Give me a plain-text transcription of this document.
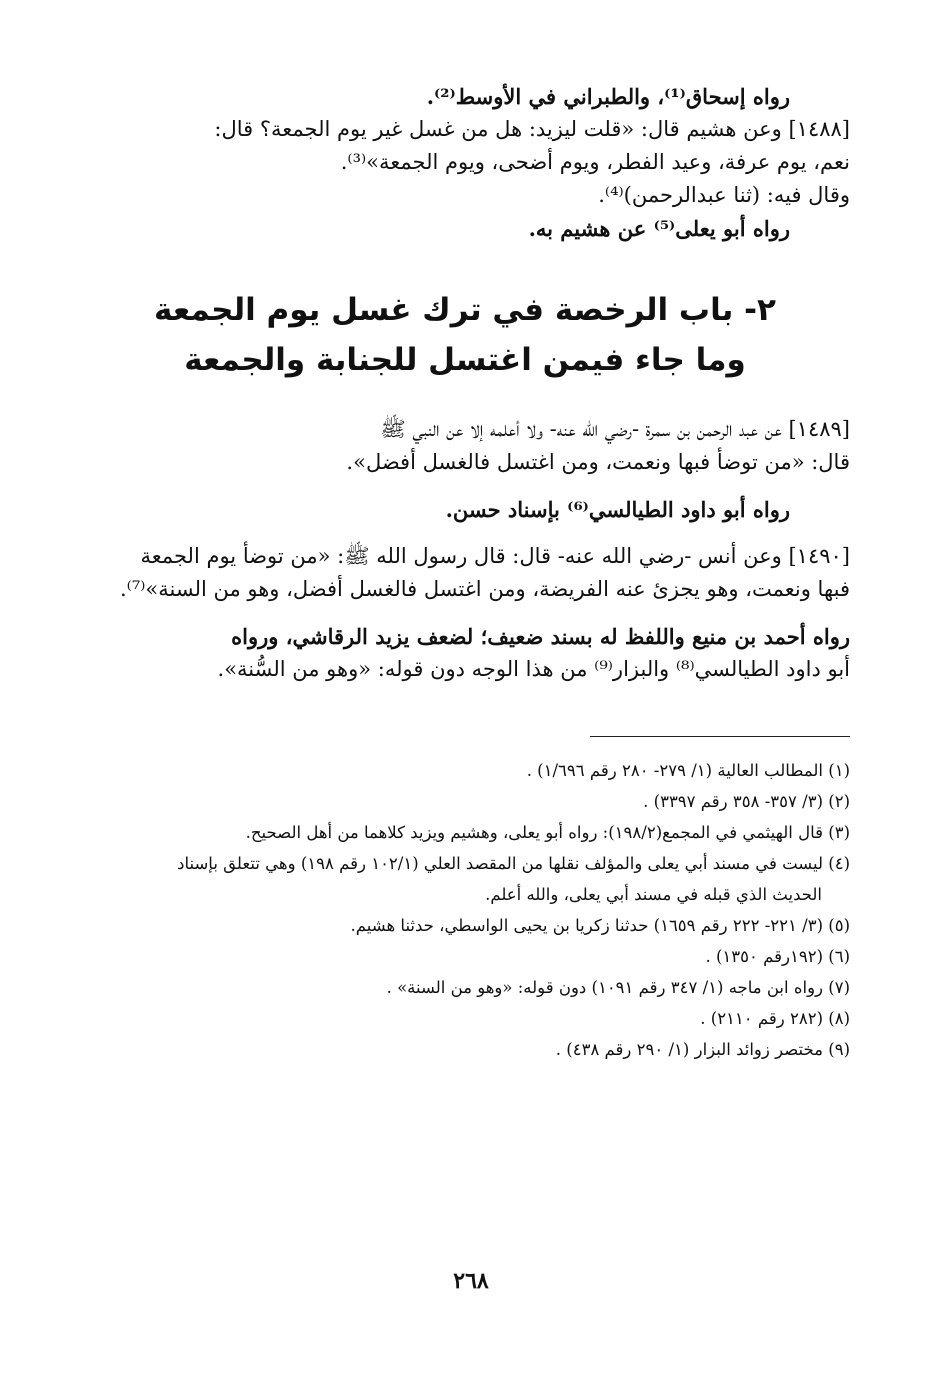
رواه إسحاق⁽¹⁾، والطبراني في الأوسط⁽²⁾.
[١٤٨٨] وعن هشيم قال: «قلت ليزيد: هل من غسل غير يوم الجمعة؟ قال:
نعم، يوم عرفة، وعيد الفطر، ويوم أضحى، ويوم الجمعة»⁽³⁾.
وقال فيه: (ثنا عبدالرحمن)⁽⁴⁾.
رواه أبو يعلى⁽⁵⁾ عن هشيم به.
٢- باب الرخصة في ترك غسل يوم الجمعة
وما جاء فيمن اغتسل للجنابة والجمعة
[١٤٨٩] عن عبد الرحمن بن سمرة -رضي الله عنه- ولا أعلمه إلا عن النبي ﷺ
قال: «من توضأ فبها ونعمت، ومن اغتسل فالغسل أفضل».
رواه أبو داود الطيالسي⁽⁶⁾ بإسناد حسن.
[١٤٩٠] وعن أنس -رضي الله عنه- قال: قال رسول الله ﷺ: «من توضأ يوم الجمعة
فبها ونعمت، وهو يجزئ عنه الفريضة، ومن اغتسل فالغسل أفضل، وهو من السنة»⁽⁷⁾.
رواه أحمد بن منيع واللفظ له بسند ضعيف؛ لضعف يزيد الرقاشي، ورواه
أبو داود الطيالسي⁽⁸⁾ والبزار⁽⁹⁾ من هذا الوجه دون قوله: «وهو من السُّنة».
(١) المطالب العالية (١/ ٢٧٩- ٢٨٠ رقم ١/٦٩٦) .
(٢) (٣/ ٣٥٧- ٣٥٨ رقم ٣٣٩٧) .
(٣) قال الهيثمي في المجمع(١٩٨/٢): رواه أبو يعلى، وهشيم ويزيد كلاهما من أهل الصحيح.
(٤) ليست في مسند أبي يعلى والمؤلف نقلها من المقصد العلي (١٠٢/١ رقم ١٩٨) وهي تتعلق بإسناد
الحديث الذي قبله في مسند أبي يعلى، والله أعلم.
(٥) (٣/ ٢٢١- ٢٢٢ رقم ١٦٥٩) حدثنا زكريا بن يحيى الواسطي، حدثنا هشيم.
(٦) (١٩٢رقم ١٣٥٠) .
(٧) رواه ابن ماجه (١/ ٣٤٧ رقم ١٠٩١) دون قوله: «وهو من السنة» .
(٨) (٢٨٢ رقم ٢١١٠) .
(٩) مختصر زوائد البزار (١/ ٢٩٠ رقم ٤٣٨) .
٢٦٨
